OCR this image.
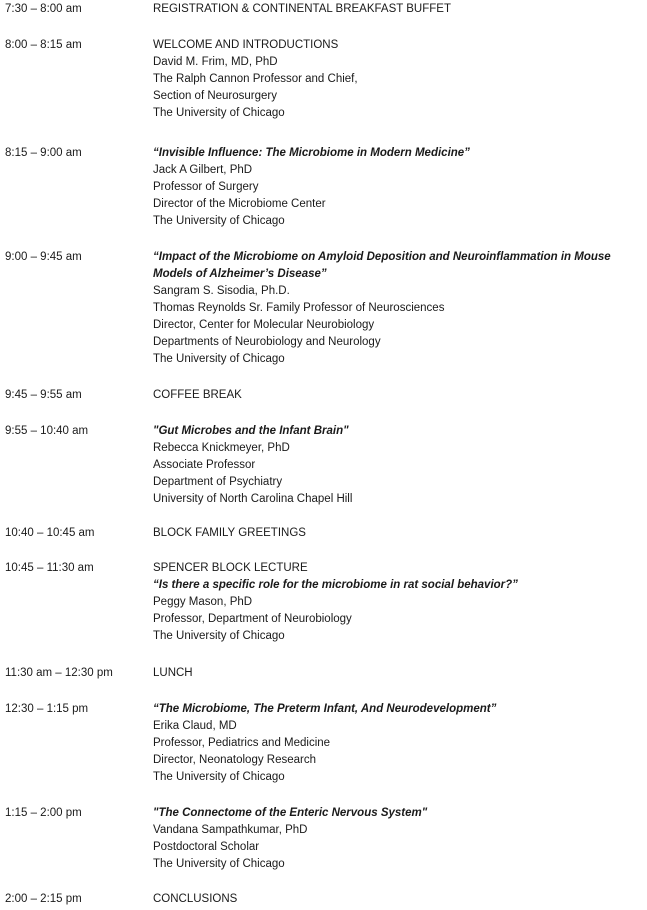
7:30 – 8:00 am	REGISTRATION & CONTINENTAL BREAKFAST BUFFET
8:00 – 8:15 am	WELCOME AND INTRODUCTIONS
David M. Frim, MD, PhD
The Ralph Cannon Professor and Chief,
Section of Neurosurgery
The University of Chicago
8:15 – 9:00 am	“Invisible Influence: The Microbiome in Modern Medicine”
Jack A Gilbert, PhD
Professor of Surgery
Director of the Microbiome Center
The University of Chicago
9:00 – 9:45 am	“Impact of the Microbiome on Amyloid Deposition and Neuroinflammation in Mouse Models of Alzheimer’s Disease”
Sangram S. Sisodia, Ph.D.
Thomas Reynolds Sr. Family Professor of Neurosciences
Director, Center for Molecular Neurobiology
Departments of Neurobiology and Neurology
The University of Chicago
9:45 – 9:55 am	COFFEE BREAK
9:55 – 10:40 am	"Gut Microbes and the Infant Brain"
Rebecca Knickmeyer, PhD
Associate Professor
Department of Psychiatry
University of North Carolina Chapel Hill
10:40 – 10:45 am	BLOCK FAMILY GREETINGS
10:45 – 11:30 am	SPENCER BLOCK LECTURE
“Is there a specific role for the microbiome in rat social behavior?”
Peggy Mason, PhD
Professor, Department of Neurobiology
The University of Chicago
11:30 am – 12:30 pm	LUNCH
12:30 – 1:15 pm	“The Microbiome, The Preterm Infant, And Neurodevelopment”
Erika Claud, MD
Professor, Pediatrics and Medicine
Director, Neonatology Research
The University of Chicago
1:15 – 2:00 pm	"The Connectome of the Enteric Nervous System"
Vandana Sampathkumar, PhD
Postdoctoral Scholar
The University of Chicago
2:00 – 2:15 pm	CONCLUSIONS
